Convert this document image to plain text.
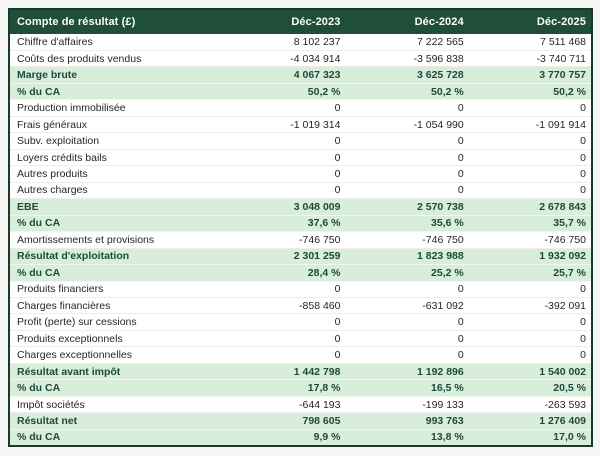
Compte de résultat (£)	Déc-2023	Déc-2024	Déc-2025
Chiffre d'affaires	8 102 237	7 222 565	7 511 468
Coûts des produits vendus	-4 034 914	-3 596 838	-3 740 711
Marge brute	4 067 323	3 625 728	3 770 757
% du CA	50,2 %	50,2 %	50,2 %
Production immobilisée	0	0	0
Frais généraux	-1 019 314	-1 054 990	-1 091 914
Subv. exploitation	0	0	0
Loyers crédits bails	0	0	0
Autres produits	0	0	0
Autres charges	0	0	0
EBE	3 048 009	2 570 738	2 678 843
% du CA	37,6 %	35,6 %	35,7 %
Amortissements et provisions	-746 750	-746 750	-746 750
Résultat d'exploitation	2 301 259	1 823 988	1 932 092
% du CA	28,4 %	25,2 %	25,7 %
Produits financiers	0	0	0
Charges financières	-858 460	-631 092	-392 091
Profit (perte) sur cessions	0	0	0
Produits exceptionnels	0	0	0
Charges exceptionnelles	0	0	0
Résultat avant impôt	1 442 798	1 192 896	1 540 002
% du CA	17,8 %	16,5 %	20,5 %
Impôt sociétés	-644 193	-199 133	-263 593
Résultat net	798 605	993 763	1 276 409
% du CA	9,9 %	13,8 %	17,0 %
